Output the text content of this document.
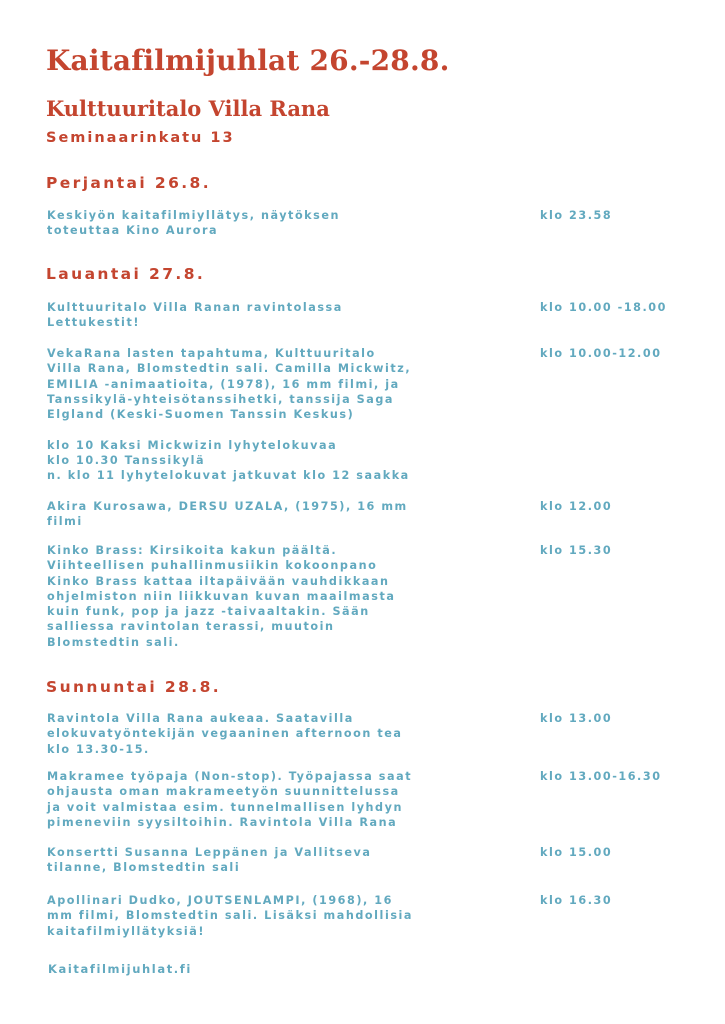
Kaitafilmijuhlat 26.-28.8.
Kulttuuritalo Villa Rana
Seminaarinkatu 13
Perjantai 26.8.
Keskiyön kaitafilmiyllätys, näytöksen
toteuttaa Kino Aurora
klo 23.58
Lauantai 27.8.
Kulttuuritalo Villa Ranan ravintolassa
Lettukestit!
klo 10.00 -18.00
VekaRana lasten tapahtuma, Kulttuuritalo
Villa Rana, Blomstedtin sali. Camilla Mickwitz,
EMILIA -animaatioita, (1978), 16 mm filmi, ja
Tanssikylä-yhteisötanssihetki, tanssija Saga
Elgland (Keski-Suomen Tanssin Keskus)

klo 10 Kaksi Mickwizin lyhytelokuvaa
klo 10.30 Tanssikylä
n. klo 11 lyhytelokuvat jatkuvat klo 12 saakka
klo 10.00-12.00
Akira Kurosawa, DERSU UZALA, (1975), 16 mm
filmi
klo 12.00
Kinko Brass: Kirsikoita kakun päältä.
Viihteellisen puhallinmusiikin kokoonpano
Kinko Brass kattaa iltapäivään vauhdikkaan
ohjelmiston niin liikkuvan kuvan maailmasta
kuin funk, pop ja jazz -taivaaltakin. Sään
salliessa ravintolan terassi, muutoin
Blomstedtin sali.
klo 15.30
Sunnuntai 28.8.
Ravintola Villa Rana aukeaa. Saatavilla
elokuvatyöntekijän vegaaninen afternoon tea
klo 13.30-15.
klo 13.00
Makramee työpaja (Non-stop). Työpajassa saat
ohjausta oman makrameetyön suunnittelussa
ja voit valmistaa esim. tunnelmallisen lyhdyn
pimeneviin syysiltoihin. Ravintola Villa Rana
klo 13.00-16.30
Konsertti Susanna Leppänen ja Vallitseva
tilanne, Blomstedtin sali
klo 15.00
Apollinari Dudko, JOUTSENLAMPI, (1968), 16
mm filmi, Blomstedtin sali. Lisäksi mahdollisia
kaitafilmiyllätyksiä!
klo 16.30
Kaitafilmijuhlat.fi
